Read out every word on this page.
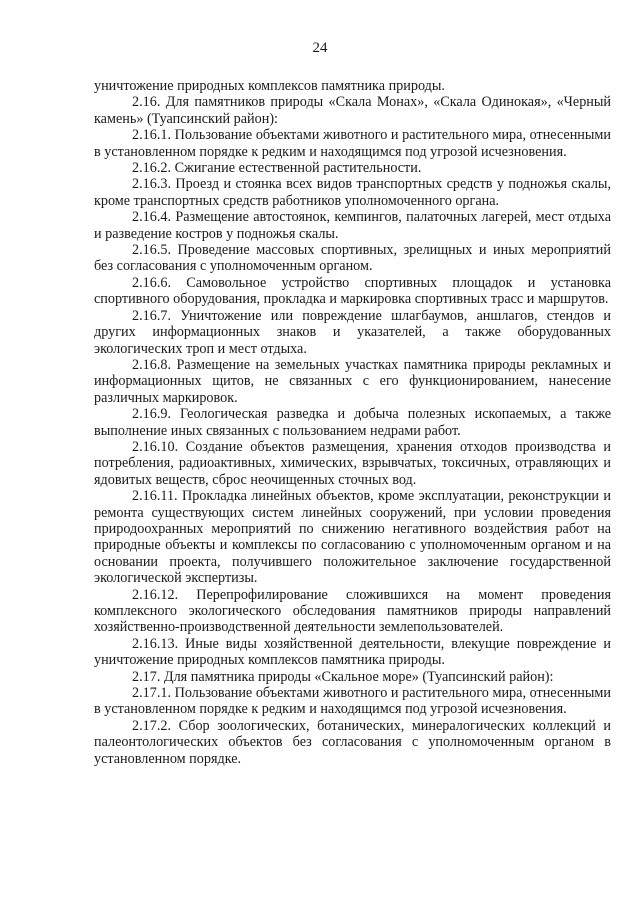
24

уничтожение природных комплексов памятника природы.

2.16. Для памятников природы «Скала Монах», «Скала Одинокая», «Черный камень» (Туапсинский район):

2.16.1. Пользование объектами животного и растительного мира, отнесенными в установленном порядке к редким и находящимся под угрозой исчезновения.

2.16.2. Сжигание естественной растительности.

2.16.3. Проезд и стоянка всех видов транспортных средств у подножья скалы, кроме транспортных средств работников уполномоченного органа.

2.16.4. Размещение автостоянок, кемпингов, палаточных лагерей, мест отдыха и разведение костров у подножья скалы.

2.16.5. Проведение массовых спортивных, зрелищных и иных мероприятий без согласования с уполномоченным органом.

2.16.6. Самовольное устройство спортивных площадок и установка спортивного оборудования, прокладка и маркировка спортивных трасс и маршрутов.

2.16.7. Уничтожение или повреждение шлагбаумов, аншлагов, стендов и других информационных знаков и указателей, а также оборудованных экологических троп и мест отдыха.

2.16.8. Размещение на земельных участках памятника природы рекламных и информационных щитов, не связанных с его функционированием, нанесение различных маркировок.

2.16.9. Геологическая разведка и добыча полезных ископаемых, а также выполнение иных связанных с пользованием недрами работ.

2.16.10. Создание объектов размещения, хранения отходов производства и потребления, радиоактивных, химических, взрывчатых, токсичных, отравляющих и ядовитых веществ, сброс неочищенных сточных вод.

2.16.11. Прокладка линейных объектов, кроме эксплуатации, реконструкции и ремонта существующих систем линейных сооружений, при условии проведения природоохранных мероприятий по снижению негативного воздействия работ на природные объекты и комплексы по согласованию с уполномоченным органом и на основании проекта, получившего положительное заключение государственной экологической экспертизы.

2.16.12. Перепрофилирование сложившихся на момент проведения комплексного экологического обследования памятников природы направлений хозяйственно-производственной деятельности землепользователей.

2.16.13. Иные виды хозяйственной деятельности, влекущие повреждение и уничтожение природных комплексов памятника природы.

2.17. Для памятника природы «Скальное море» (Туапсинский район):

2.17.1. Пользование объектами животного и растительного мира, отнесенными в установленном порядке к редким и находящимся под угрозой исчезновения.

2.17.2. Сбор зоологических, ботанических, минералогических коллекций и палеонтологических объектов без согласования с уполномоченным органом в установленном порядке.
